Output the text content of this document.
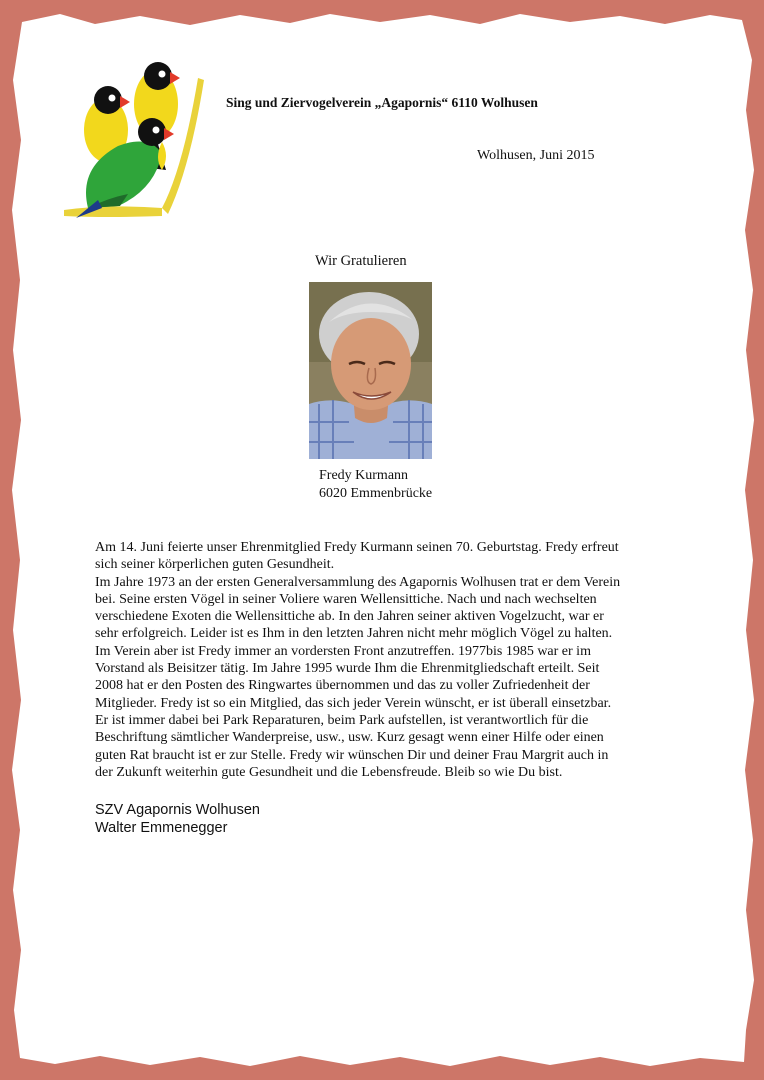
Sing und Ziervogelverein „Agapornis“ 6110 Wolhusen
Wolhusen, Juni 2015
Wir Gratulieren
Fredy Kurmann
6020 Emmenbrücke
Am 14. Juni feierte unser Ehrenmitglied Fredy Kurmann seinen 70. Geburtstag. Fredy erfreut
sich seiner körperlichen guten Gesundheit.
Im Jahre 1973 an der ersten Generalversammlung des Agapornis Wolhusen trat er dem Verein
bei. Seine ersten Vögel in seiner Voliere waren Wellensittiche. Nach und nach wechselten
verschiedene Exoten die Wellensittiche ab. In den Jahren seiner aktiven Vogelzucht, war er
sehr erfolgreich. Leider ist es Ihm in den letzten Jahren nicht mehr möglich Vögel zu halten.
Im Verein aber ist Fredy immer an vordersten Front anzutreffen. 1977bis 1985 war er im
Vorstand als Beisitzer tätig. Im Jahre 1995 wurde Ihm die Ehrenmitgliedschaft erteilt. Seit
2008 hat er den Posten des Ringwartes übernommen und das zu voller Zufriedenheit der
Mitglieder. Fredy ist so ein Mitglied, das sich jeder Verein wünscht, er ist überall einsetzbar.
Er ist immer dabei bei Park Reparaturen, beim Park aufstellen, ist verantwortlich für die
Beschriftung sämtlicher Wanderpreise, usw., usw. Kurz gesagt wenn einer Hilfe oder einen
guten Rat braucht ist er zur Stelle. Fredy wir wünschen Dir und deiner Frau Margrit auch in
der Zukunft weiterhin gute Gesundheit und die Lebensfreude. Bleib so wie Du bist.
SZV Agapornis Wolhusen
Walter Emmenegger
